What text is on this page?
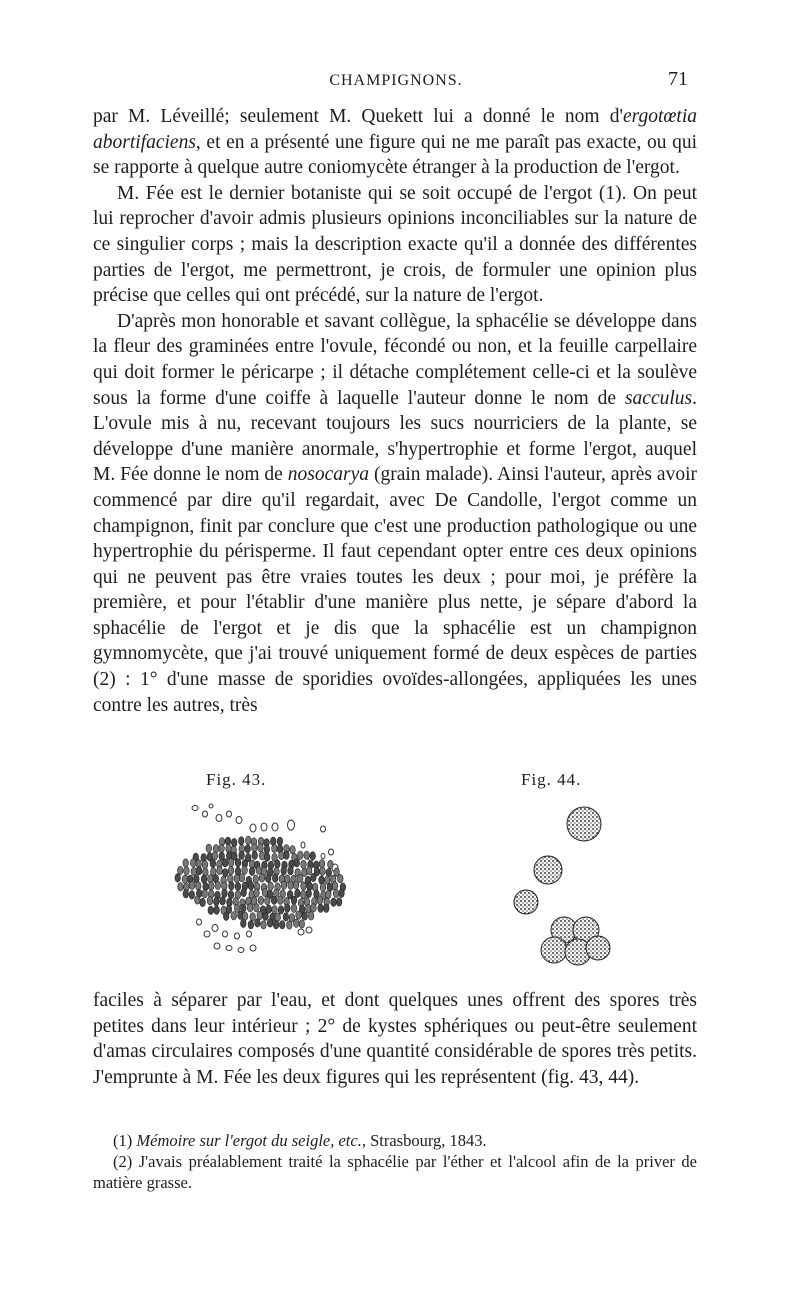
CHAMPIGNONS.	71

par M. Léveillé; seulement M. Quekett lui a donné le nom d'ergotœtia abortifaciens, et en a présenté une figure qui ne me paraît pas exacte, ou qui se rapporte à quelque autre coniomycète étranger à la production de l'ergot.

M. Fée est le dernier botaniste qui se soit occupé de l'ergot (1). On peut lui reprocher d'avoir admis plusieurs opinions inconciliables sur la nature de ce singulier corps ; mais la description exacte qu'il a donnée des différentes parties de l'ergot, me permettront, je crois, de formuler une opinion plus précise que celles qui ont précédé, sur la nature de l'ergot.

D'après mon honorable et savant collègue, la sphacélie se développe dans la fleur des graminées entre l'ovule, fécondé ou non, et la feuille carpellaire qui doit former le péricarpe ; il détache complétement celle-ci et la soulève sous la forme d'une coiffe à laquelle l'auteur donne le nom de sacculus. L'ovule mis à nu, recevant toujours les sucs nourriciers de la plante, se développe d'une manière anormale, s'hypertrophie et forme l'ergot, auquel M. Fée donne le nom de nosocarya (grain malade). Ainsi l'auteur, après avoir commencé par dire qu'il regardait, avec De Candolle, l'ergot comme un champignon, finit par conclure que c'est une production pathologique ou une hypertrophie du périsperme. Il faut cependant opter entre ces deux opinions qui ne peuvent pas être vraies toutes les deux ; pour moi, je préfère la première, et pour l'établir d'une manière plus nette, je sépare d'abord la sphacélie de l'ergot et je dis que la sphacélie est un champignon gymnomycète, que j'ai trouvé uniquement formé de deux espèces de parties (2) : 1° d'une masse de sporidies ovoïdes-allongées, appliquées les unes contre les autres, très

Fig. 43.	Fig. 44.

faciles à séparer par l'eau, et dont quelques unes offrent des spores très petites dans leur intérieur ; 2° de kystes sphériques ou peut-être seulement d'amas circulaires composés d'une quantité considérable de spores très petits. J'emprunte à M. Fée les deux figures qui les représentent (fig. 43, 44).

(1) Mémoire sur l'ergot du seigle, etc., Strasbourg, 1843.

(2) J'avais préalablement traité la sphacélie par l'éther et l'alcool afin de la priver de matière grasse.
